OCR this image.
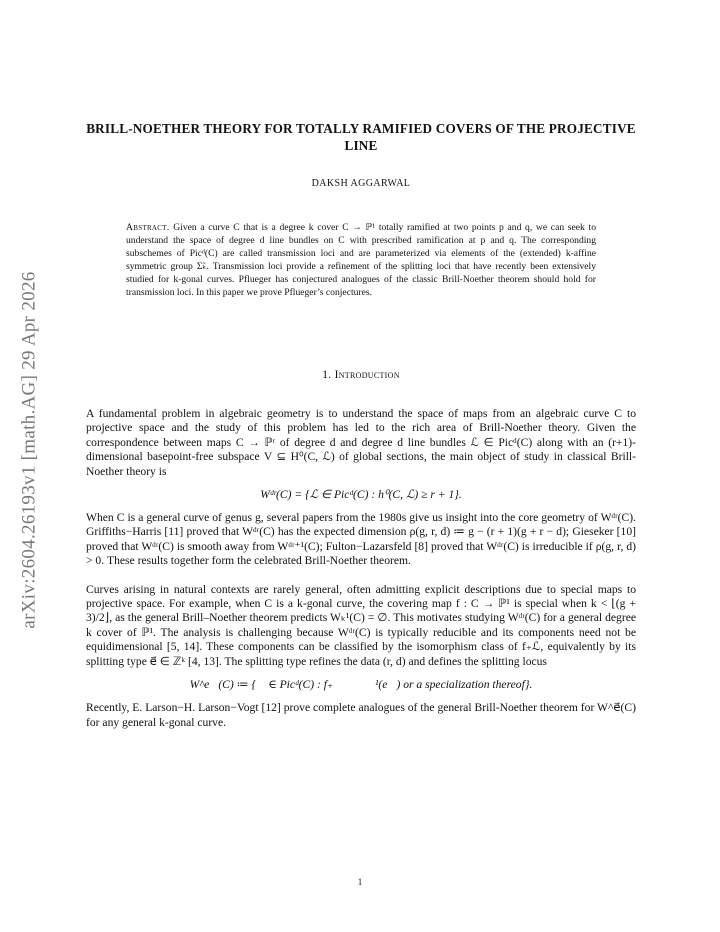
arXiv:2604.26193v1 [math.AG] 29 Apr 2026
BRILL-NOETHER THEORY FOR TOTALLY RAMIFIED COVERS OF THE PROJECTIVE LINE
DAKSH AGGARWAL
Abstract. Given a curve C that is a degree k cover C → ℙ¹ totally ramified at two points p and q, we can seek to understand the space of degree d line bundles on C with prescribed ramification at p and q. The corresponding subschemes of Picᵈ(C) are called transmission loci and are parameterized via elements of the (extended) k-affine symmetric group Σ̃ₖ. Transmission loci provide a refinement of the splitting loci that have recently been extensively studied for k-gonal curves. Pflueger has conjectured analogues of the classic Brill-Noether theorem should hold for transmission loci. In this paper we prove Pflueger’s conjectures.
1. Introduction

A fundamental problem in algebraic geometry is to understand the space of maps from an algebraic curve C to projective space and the study of this problem has led to the rich area of Brill-Noether theory. Given the correspondence between maps C → ℙʳ of degree d and degree d line bundles ℒ ∈ Picᵈ(C) along with an (r+1)-dimensional basepoint-free subspace V ⊆ H⁰(C, ℒ) of global sections, the main object of study in classical Brill-Noether theory is

Wᵈʳ(C) = {ℒ ∈ Picᵈ(C) : h⁰(C, ℒ) ≥ r + 1}.

When C is a general curve of genus g, several papers from the 1980s give us insight into the core geometry of Wᵈʳ(C). Griffiths−Harris [11] proved that Wᵈʳ(C) has the expected dimension ρ(g, r, d) ≔ g − (r + 1)(g + r − d); Gieseker [10] proved that Wᵈʳ(C) is smooth away from Wᵈʳ⁺¹(C); Fulton−Lazarsfeld [8] proved that Wᵈʳ(C) is irreducible if ρ(g, r, d) > 0. These results together form the celebrated Brill-Noether theorem.

Curves arising in natural contexts are rarely general, often admitting explicit descriptions due to special maps to projective space. For example, when C is a k-gonal curve, the covering map f : C → ℙ¹ is special when k < ⌊(g + 3)/2⌋, as the general Brill–Noether theorem predicts Wₖ¹(C) = ∅. This motivates studying Wᵈʳ(C) for a general degree k cover of ℙ¹. The analysis is challenging because Wᵈʳ(C) is typically reducible and its components need not be equidimensional [5, 14]. These components can be classified by the isomorphism class of f₊ℒ, equivalently by its splitting type e⃗ ∈ ℤᵏ [4, 13]. The splitting type refines the data (r, d) and defines the splitting locus

W^e⃗(C) ≔ {ℒ ∈ Picᵈ(C) : f₊ℒ ≅ 𝒪ℙ¹(e⃗) or a specialization thereof}.

Recently, E. Larson−H. Larson−Vogt [12] prove complete analogues of the general Brill-Noether theorem for W^e⃗(C) for any general k-gonal curve.

1
